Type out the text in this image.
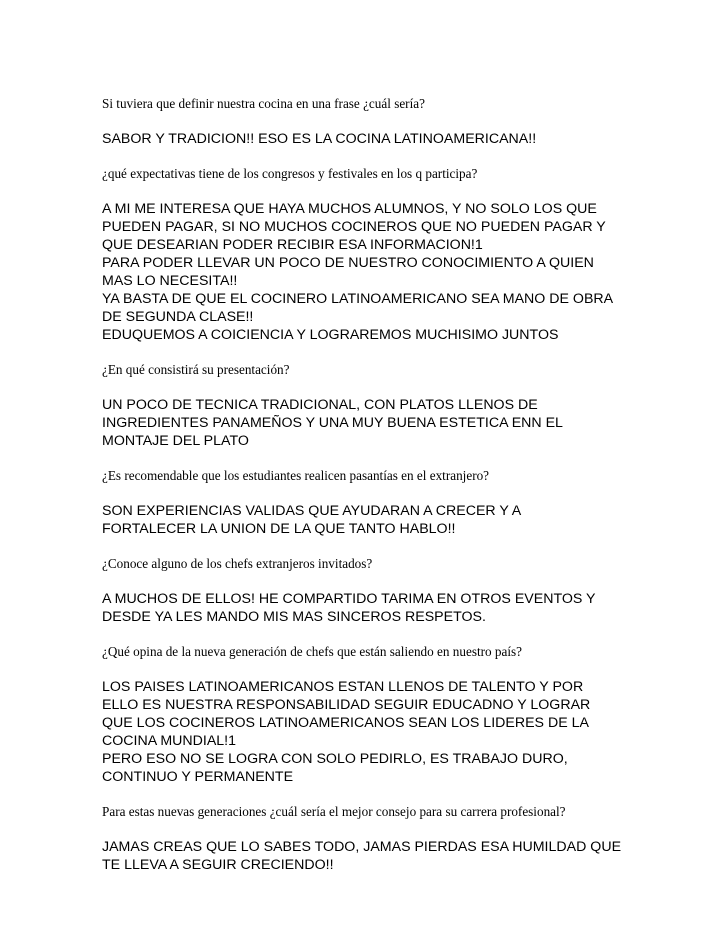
Si tuviera que definir nuestra cocina en una frase ¿cuál sería?

SABOR Y TRADICION!! ESO ES LA COCINA LATINOAMERICANA!!

¿qué expectativas tiene de los congresos y festivales en los q participa?

A MI ME INTERESA QUE HAYA MUCHOS ALUMNOS, Y NO SOLO LOS QUE
PUEDEN PAGAR, SI NO MUCHOS COCINEROS QUE NO PUEDEN PAGAR Y
QUE DESEARIAN PODER RECIBIR ESA INFORMACION!1
PARA PODER LLEVAR UN POCO DE NUESTRO CONOCIMIENTO A QUIEN
MAS LO NECESITA!!
YA BASTA DE QUE EL COCINERO LATINOAMERICANO SEA MANO DE OBRA
DE SEGUNDA CLASE!!
EDUQUEMOS A COICIENCIA Y LOGRAREMOS MUCHISIMO JUNTOS

¿En qué consistirá su presentación?

UN POCO DE TECNICA TRADICIONAL, CON PLATOS LLENOS DE
INGREDIENTES PANAMEÑOS Y UNA MUY BUENA ESTETICA ENN EL
MONTAJE DEL PLATO

¿Es recomendable que los estudiantes realicen pasantías en el extranjero?

SON EXPERIENCIAS VALIDAS QUE AYUDARAN A CRECER Y A
FORTALECER LA UNION DE LA QUE TANTO HABLO!!

¿Conoce alguno de los chefs extranjeros invitados?

A MUCHOS DE ELLOS! HE COMPARTIDO TARIMA EN OTROS EVENTOS Y
DESDE YA LES MANDO MIS MAS SINCEROS RESPETOS.

¿Qué opina de la nueva generación de chefs que están saliendo en nuestro país?

LOS PAISES LATINOAMERICANOS ESTAN LLENOS DE TALENTO Y POR
ELLO ES NUESTRA RESPONSABILIDAD SEGUIR EDUCADNO Y LOGRAR
QUE LOS COCINEROS LATINOAMERICANOS SEAN LOS LIDERES DE LA
COCINA MUNDIAL!1
PERO ESO NO SE LOGRA CON SOLO PEDIRLO, ES TRABAJO DURO,
CONTINUO Y PERMANENTE

Para estas nuevas generaciones ¿cuál sería el mejor consejo para su carrera profesional?

JAMAS CREAS QUE LO SABES TODO, JAMAS PIERDAS ESA HUMILDAD QUE
TE LLEVA A SEGUIR CRECIENDO!!
